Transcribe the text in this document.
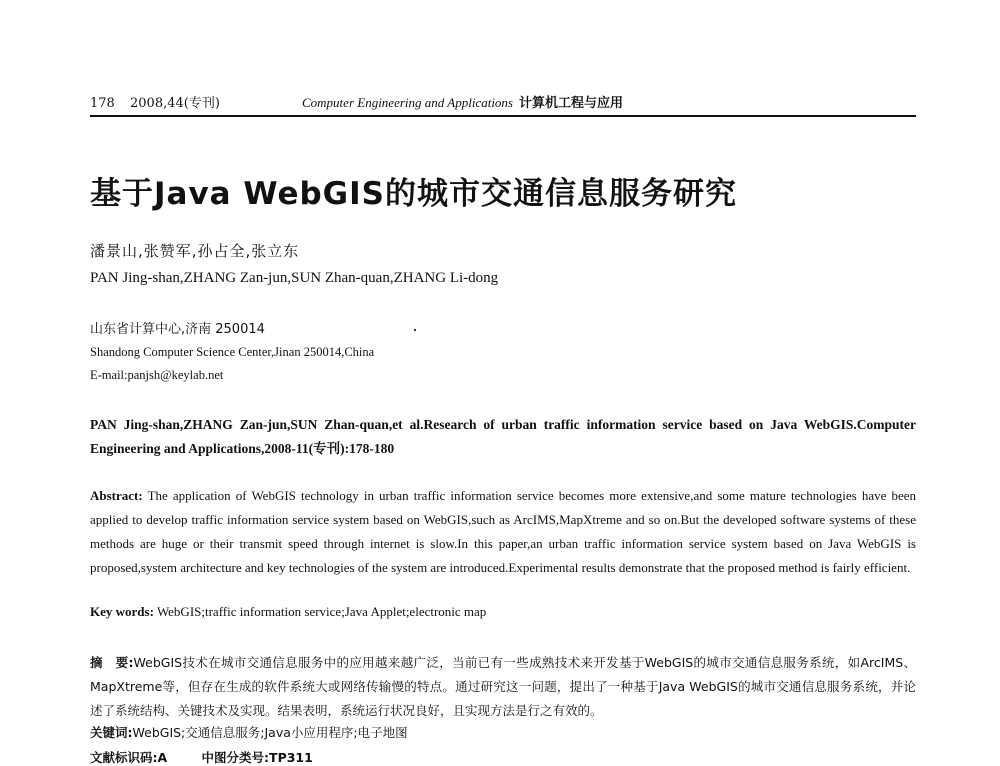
178	2008,44(专刊)	Computer Engineering and Applications 计算机工程与应用
基于Java WebGIS的城市交通信息服务研究
潘景山,张赞军,孙占全,张立东
PAN Jing-shan,ZHANG Zan-jun,SUN Zhan-quan,ZHANG Li-dong
山东省计算中心,济南 250014
Shandong Computer Science Center,Jinan 250014,China
E-mail:panjsh@keylab.net
PAN Jing-shan,ZHANG Zan-jun,SUN Zhan-quan,et al.Research of urban traffic information service based on Java WebGIS.Computer Engineering and Applications,2008-11(专刊):178-180
Abstract: The application of WebGIS technology in urban traffic information service becomes more extensive,and some mature technologies have been applied to develop traffic information service system based on WebGIS,such as ArcIMS,MapXtreme and so on.But the developed software systems of these methods are huge or their transmit speed through internet is slow.In this paper,an urban traffic information service system based on Java WebGIS is proposed,system architecture and key technologies of the system are introduced.Experimental results demonstrate that the proposed method is fairly efficient.
Key words: WebGIS;traffic information service;Java Applet;electronic map
摘　要:WebGIS技术在城市交通信息服务中的应用越来越广泛，当前已有一些成熟技术来开发基于WebGIS的城市交通信息服务系统，如ArcIMS、MapXtreme等，但存在生成的软件系统大或网络传输慢的特点。通过研究这一问题，提出了一种基于Java WebGIS的城市交通信息服务系统，并论述了系统结构、关键技术及实现。结果表明，系统运行状况良好，且实现方法是行之有效的。
关键词:WebGIS;交通信息服务;Java小应用程序;电子地图
文献标识码:A	中图分类号:TP311
